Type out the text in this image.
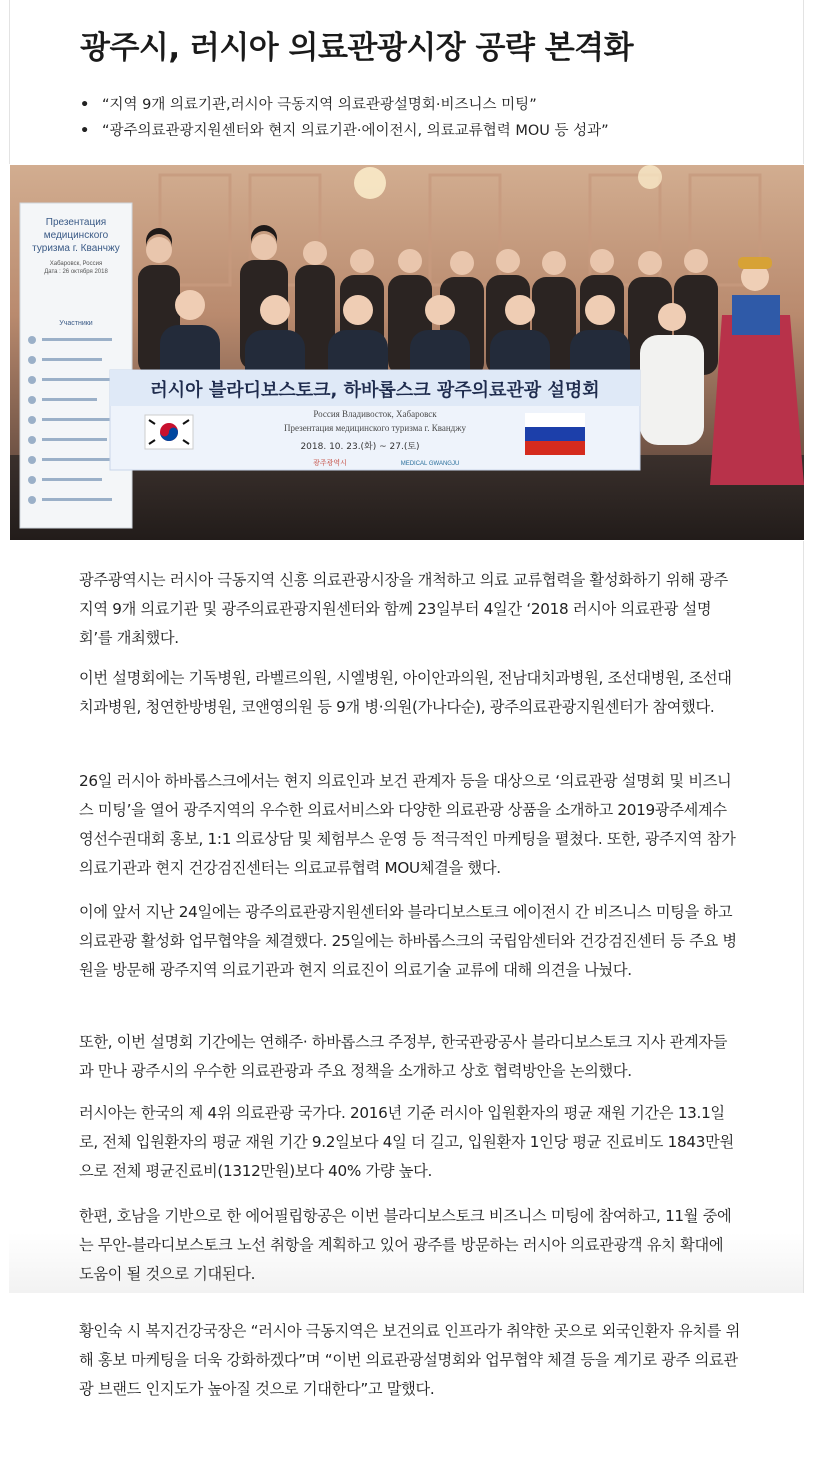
광주시, 러시아 의료관광시장 공략 본격화
• “지역 9개 의료기관,러시아 극동지역 의료관광설명회·비즈니스 미팅”
• “광주의료관광지원센터와 현지 의료기관·에이전시, 의료교류협력 MOU 등 성과”
Презентация
медицинского
туризма г. Кванчжу
Хабаровск, Россия
Дата : 26 октября 2018
Участники
러시아 블라디보스토크, 하바롭스크 광주의료관광 설명회
Россия Владивосток, Хабаровск
Презентация медицинского туризма г. Кванджу
2018. 10. 23.(화) ~ 27.(토)
광주광역시	MEDICAL GWANGJU

광주광역시는 러시아 극동지역 신흥 의료관광시장을 개척하고 의료 교류협력을 활성화하기 위해 광주지역 9개 의료기관 및 광주의료관광지원센터와 함께 23일부터 4일간 ‘2018 러시아 의료관광 설명회’를 개최했다.

이번 설명회에는 기독병원, 라벨르의원, 시엘병원, 아이안과의원, 전남대치과병원, 조선대병원, 조선대치과병원, 청연한방병원, 코앤영의원 등 9개 병·의원(가나다순), 광주의료관광지원센터가 참여했다.

26일 러시아 하바롭스크에서는 현지 의료인과 보건 관계자 등을 대상으로 ‘의료관광 설명회 및 비즈니스 미팅’을 열어 광주지역의 우수한 의료서비스와 다양한 의료관광 상품을 소개하고 2019광주세계수영선수권대회 홍보, 1:1 의료상담 및 체험부스 운영 등 적극적인 마케팅을 펼쳤다. 또한, 광주지역 참가 의료기관과 현지 건강검진센터는 의료교류협력 MOU체결을 했다.

이에 앞서 지난 24일에는 광주의료관광지원센터와 블라디보스토크 에이전시 간 비즈니스 미팅을 하고 의료관광 활성화 업무협약을 체결했다. 25일에는 하바롭스크의 국립암센터와 건강검진센터 등 주요 병원을 방문해 광주지역 의료기관과 현지 의료진이 의료기술 교류에 대해 의견을 나눴다.

또한, 이번 설명회 기간에는 연해주· 하바롭스크 주정부, 한국관광공사 블라디보스토크 지사 관계자들과 만나 광주시의 우수한 의료관광과 주요 정책을 소개하고 상호 협력방안을 논의했다.

러시아는 한국의 제 4위 의료관광 국가다. 2016년 기준 러시아 입원환자의 평균 재원 기간은 13.1일로, 전체 입원환자의 평균 재원 기간 9.2일보다 4일 더 길고, 입원환자 1인당 평균 진료비도 1843만원으로 전체 평균진료비(1312만원)보다 40% 가량 높다.

한편, 호남을 기반으로 한 에어필립항공은 이번 블라디보스토크 비즈니스 미팅에 참여하고, 11월 중에는 무안-블라디보스토크 노선 취항을 계획하고 있어 광주를 방문하는 러시아 의료관광객 유치 확대에 도움이 될 것으로 기대된다.

황인숙 시 복지건강국장은 “러시아 극동지역은 보건의료 인프라가 취약한 곳으로 외국인환자 유치를 위해 홍보 마케팅을 더욱 강화하겠다”며 “이번 의료관광설명회와 업무협약 체결 등을 계기로 광주 의료관광 브랜드 인지도가 높아질 것으로 기대한다”고 말했다.
